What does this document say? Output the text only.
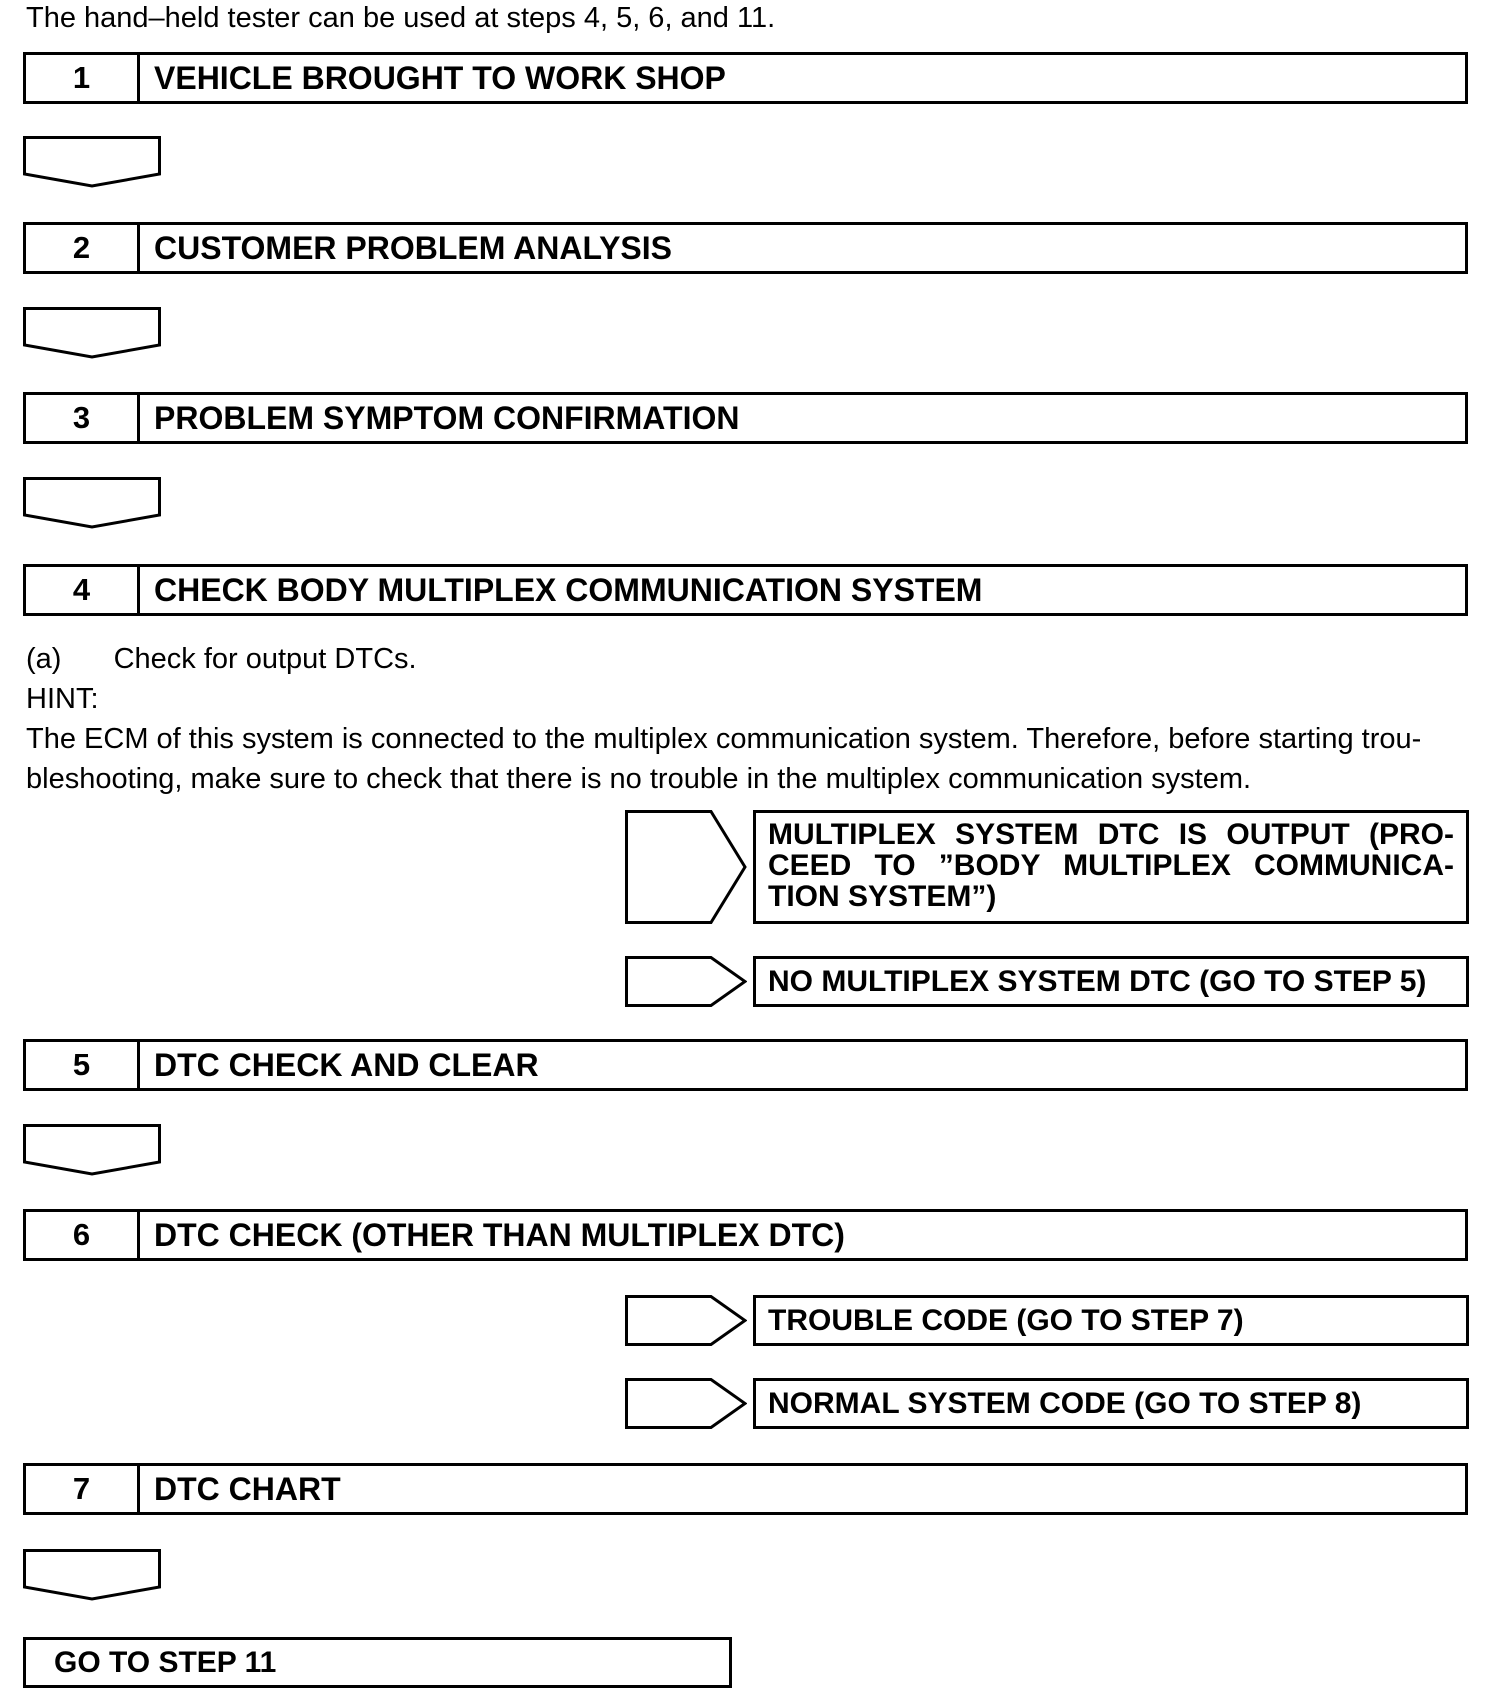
The hand–held tester can be used at steps 4, 5, 6, and 11.
1	VEHICLE BROUGHT TO WORK SHOP
2	CUSTOMER PROBLEM ANALYSIS
3	PROBLEM SYMPTOM CONFIRMATION
4	CHECK BODY MULTIPLEX COMMUNICATION SYSTEM
(a) Check for output DTCs.
HINT:
The ECM of this system is connected to the multiplex communication system. Therefore, before starting trou-
bleshooting, make sure to check that there is no trouble in the multiplex communication system.
MULTIPLEX SYSTEM DTC IS OUTPUT (PRO-
CEED TO ”BODY MULTIPLEX COMMUNICA-
TION SYSTEM”)
NO MULTIPLEX SYSTEM DTC (GO TO STEP 5)
5	DTC CHECK AND CLEAR
6	DTC CHECK (OTHER THAN MULTIPLEX DTC)
TROUBLE CODE (GO TO STEP 7)
NORMAL SYSTEM CODE (GO TO STEP 8)
7	DTC CHART
GO TO STEP 11
